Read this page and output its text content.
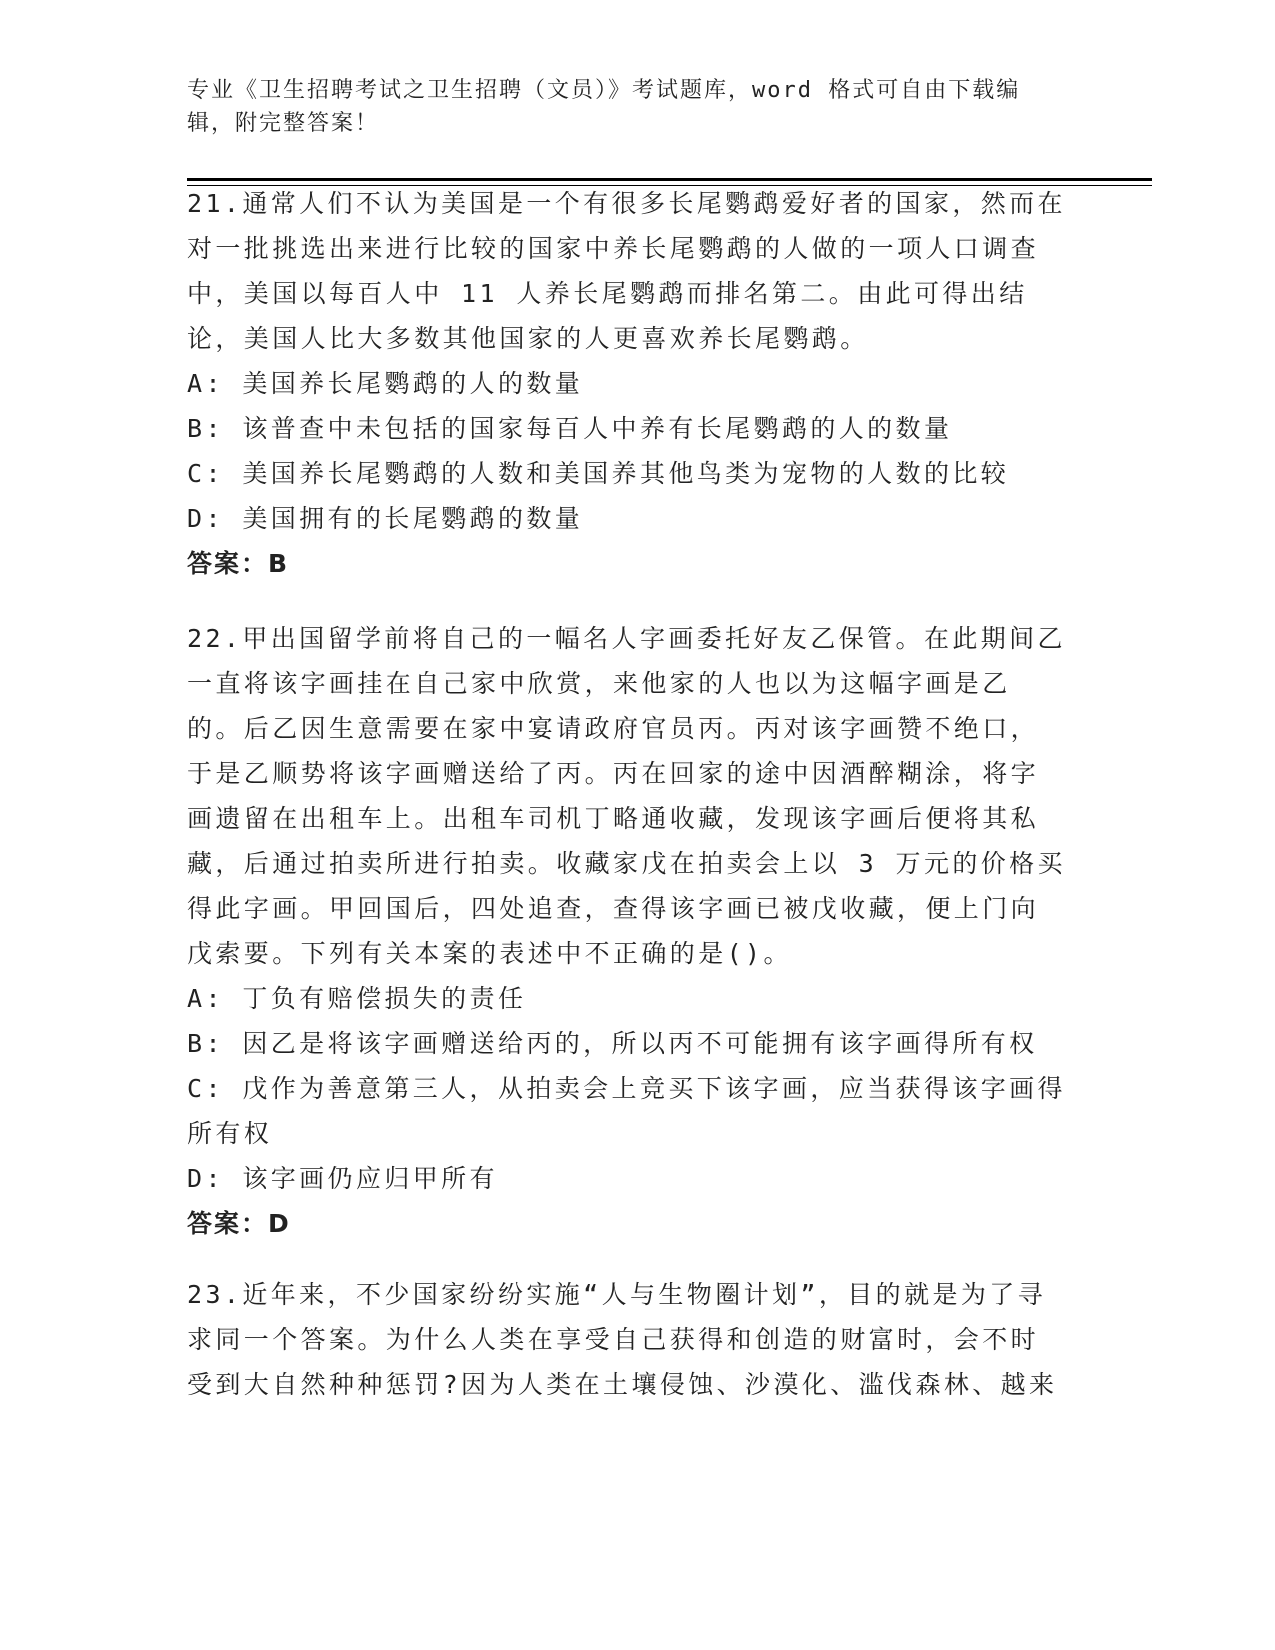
专业《卫生招聘考试之卫生招聘（文员）》考试题库，word 格式可自由下载编辑，附完整答案！

21.通常人们不认为美国是一个有很多长尾鹦鹉爱好者的国家，然而在对一批挑选出来进行比较的国家中养长尾鹦鹉的人做的一项人口调查中，美国以每百人中 11 人养长尾鹦鹉而排名第二。由此可得出结论，美国人比大多数其他国家的人更喜欢养长尾鹦鹉。

A: 美国养长尾鹦鹉的人的数量

B: 该普查中未包括的国家每百人中养有长尾鹦鹉的人的数量

C: 美国养长尾鹦鹉的人数和美国养其他鸟类为宠物的人数的比较

D: 美国拥有的长尾鹦鹉的数量

答案：B

22.甲出国留学前将自己的一幅名人字画委托好友乙保管。在此期间乙一直将该字画挂在自己家中欣赏，来他家的人也以为这幅字画是乙的。后乙因生意需要在家中宴请政府官员丙。丙对该字画赞不绝口，于是乙顺势将该字画赠送给了丙。丙在回家的途中因酒醉糊涂，将字画遗留在出租车上。出租车司机丁略通收藏，发现该字画后便将其私藏，后通过拍卖所进行拍卖。收藏家戊在拍卖会上以 3 万元的价格买得此字画。甲回国后，四处追查，查得该字画已被戊收藏，便上门向戊索要。下列有关本案的表述中不正确的是()。

A: 丁负有赔偿损失的责任

B: 因乙是将该字画赠送给丙的，所以丙不可能拥有该字画得所有权

C: 戊作为善意第三人，从拍卖会上竞买下该字画，应当获得该字画得所有权

D: 该字画仍应归甲所有

答案：D

23.近年来，不少国家纷纷实施“人与生物圈计划”，目的就是为了寻求同一个答案。为什么人类在享受自己获得和创造的财富时，会不时受到大自然种种惩罚?因为人类在土壤侵蚀、沙漠化、滥伐森林、越来
